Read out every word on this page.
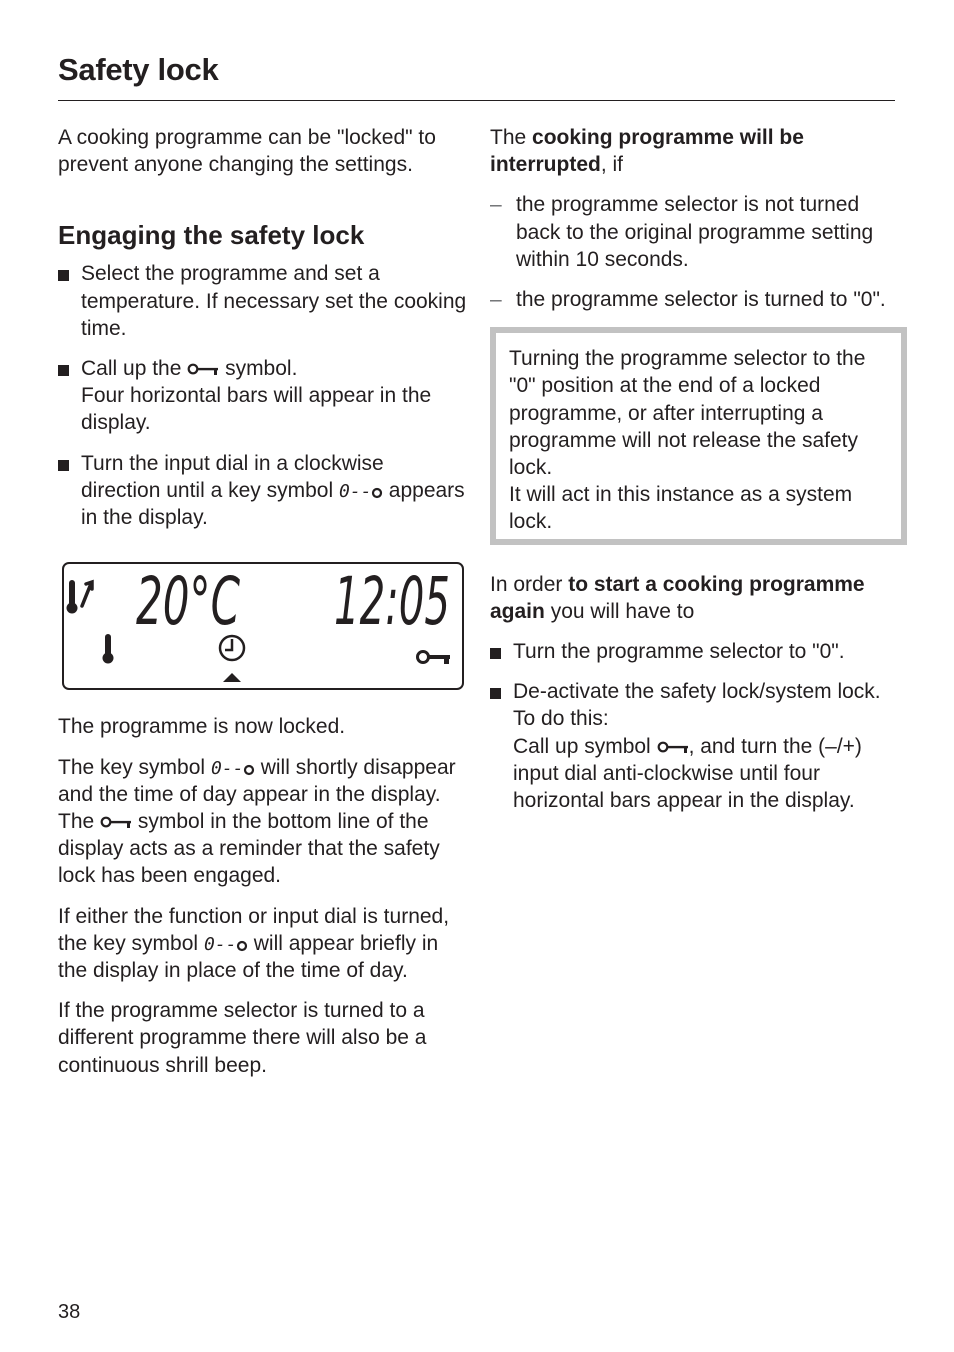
Safety lock

A cooking programme can be "locked" to prevent anyone changing the settings.

Engaging the safety lock

Select the programme and set a temperature. If necessary set the cooking time.

Call up the  symbol.
Four horizontal bars will appear in the display.

Turn the input dial in a clockwise direction until a key symbol  appears in the display.

20°C 12:05

The programme is now locked.

The key symbol  will shortly disappear and the time of day appear in the display. The  symbol in the bottom line of the display acts as a reminder that the safety lock has been engaged.

If either the function or input dial is turned, the key symbol  will appear briefly in the display in place of the time of day.

If the programme selector is turned to a different programme there will also be a continuous shrill beep.

The cooking programme will be interrupted, if

– the programme selector is not turned back to the original programme setting within 10 seconds.

– the programme selector is turned to "0".

Turning the programme selector to the "0" position at the end of a locked programme, or after interrupting a programme will not release the safety lock.

It will act in this instance as a system lock.

In order to start a cooking programme again you will have to

Turn the programme selector to "0".

De-activate the safety lock/system lock. To do this:
Call up symbol , and turn the (–/+) input dial anti-clockwise until four horizontal bars appear in the display.

38
